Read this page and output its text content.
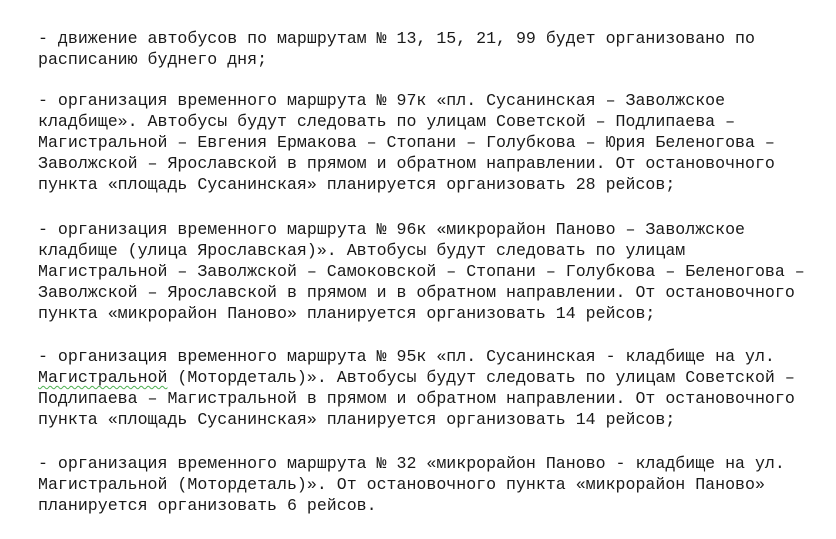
- движение автобусов по маршрутам № 13, 15, 21, 99 будет организовано по
расписанию буднего дня;

- организация временного маршрута № 97к «пл. Сусанинская – Заволжское
кладбище». Автобусы будут следовать по улицам Советской – Подлипаева –
Магистральной – Евгения Ермакова – Стопани – Голубкова – Юрия Беленогова –
Заволжской – Ярославской в прямом и обратном направлении. От остановочного
пункта «площадь Сусанинская» планируется организовать 28 рейсов;

- организация временного маршрута № 96к «микрорайон Паново – Заволжское
кладбище (улица Ярославская)». Автобусы будут следовать по улицам
Магистральной – Заволжской – Самоковской – Стопани – Голубкова – Беленогова –
Заволжской – Ярославской в прямом и в обратном направлении. От остановочного
пункта «микрорайон Паново» планируется организовать 14 рейсов;

- организация временного маршрута № 95к «пл. Сусанинская - кладбище на ул.
Магистральной (Мотордеталь)». Автобусы будут следовать по улицам Советской –
Подлипаева – Магистральной в прямом и обратном направлении. От остановочного
пункта «площадь Сусанинская» планируется организовать 14 рейсов;

- организация временного маршрута № 32 «микрорайон Паново - кладбище на ул.
Магистральной (Мотордеталь)». От остановочного пункта «микрорайон Паново»
планируется организовать 6 рейсов.
